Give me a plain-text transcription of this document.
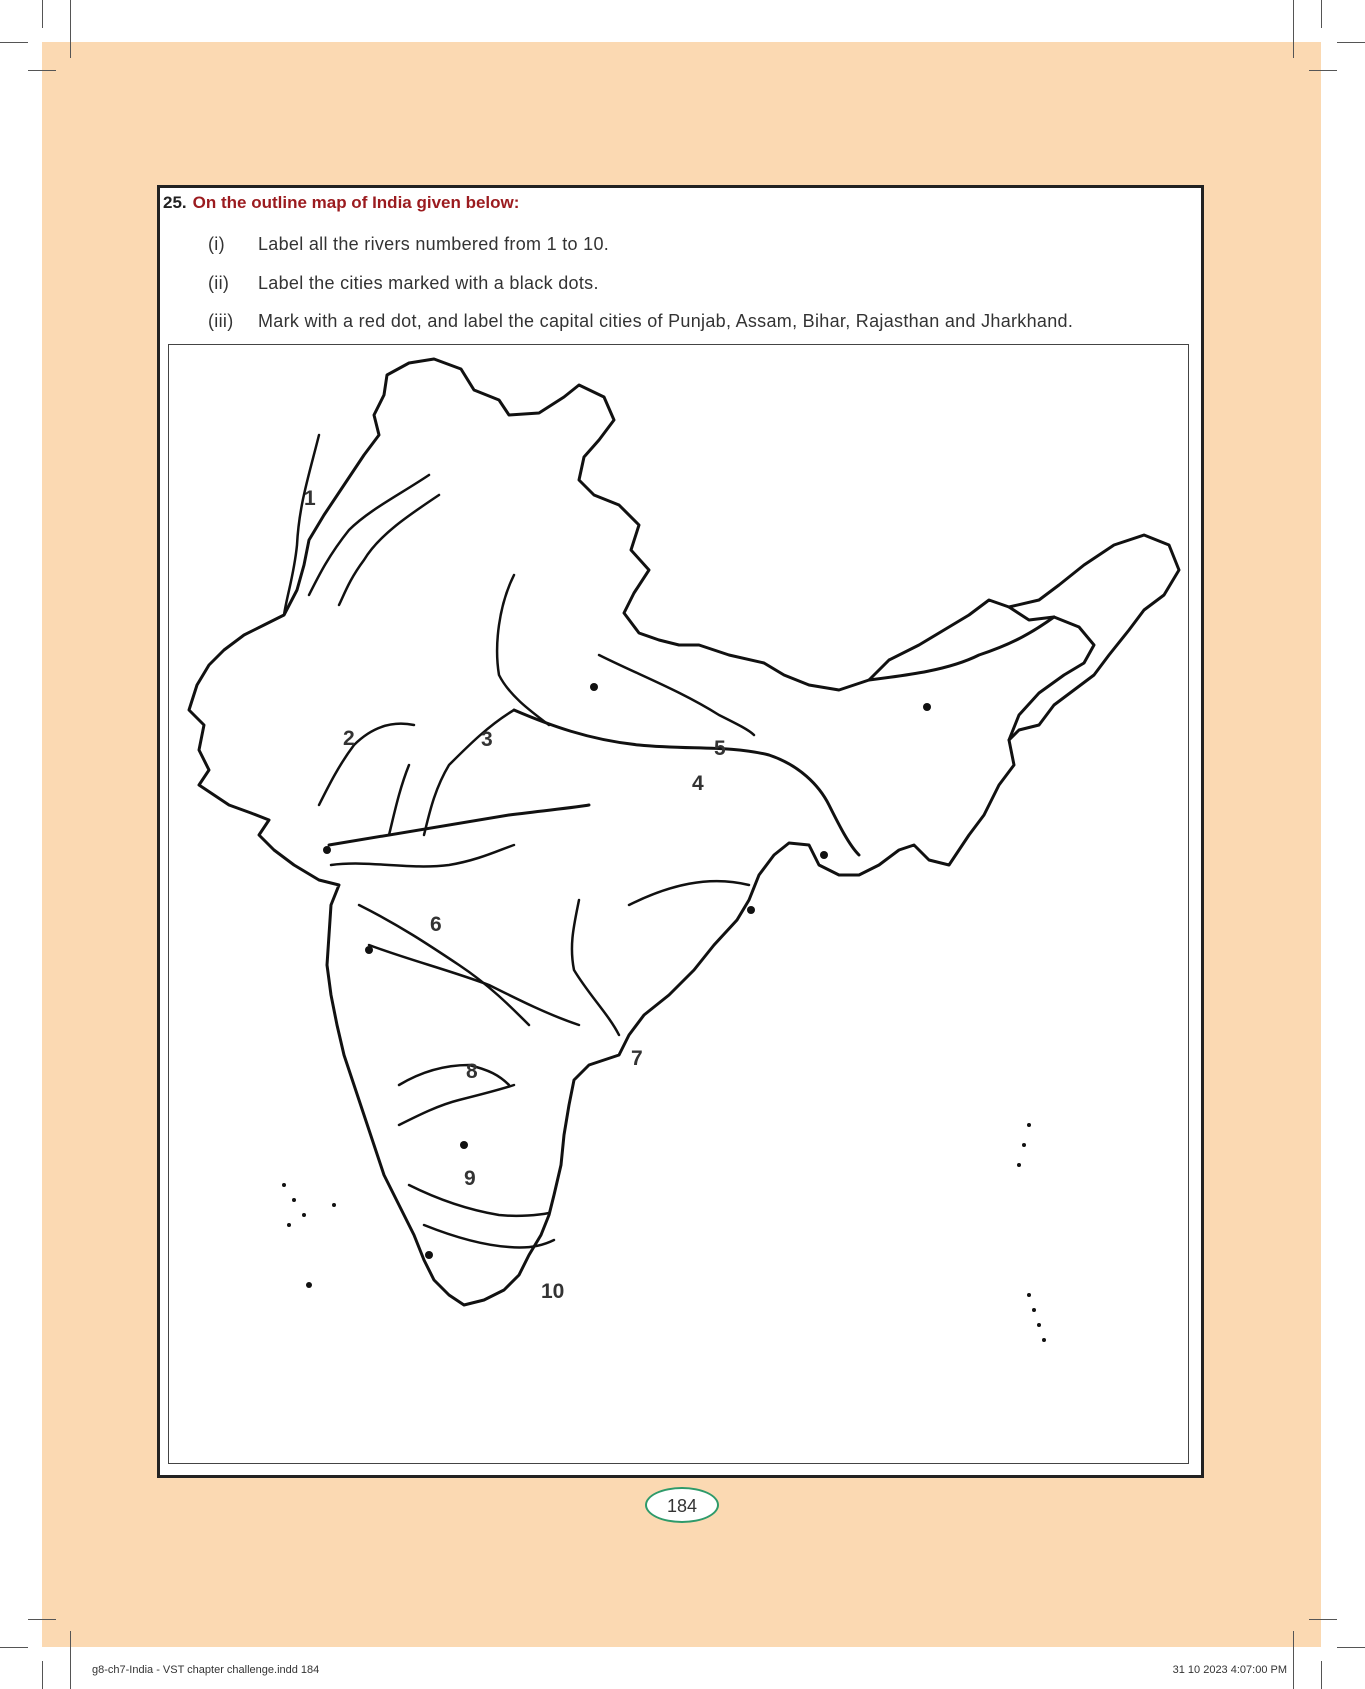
25. On the outline map of India given below:
(i) Label all the rivers numbered from 1 to 10.
(ii) Label the cities marked with a black dots.
(iii) Mark with a red dot, and label the capital cities of Punjab, Assam, Bihar, Rajasthan and Jharkhand.
1
2	3
4
5
6
7
8
9
10
184
g8-ch7-India - VST chapter challenge.indd 184	31 10 2023 4:07:00 PM
